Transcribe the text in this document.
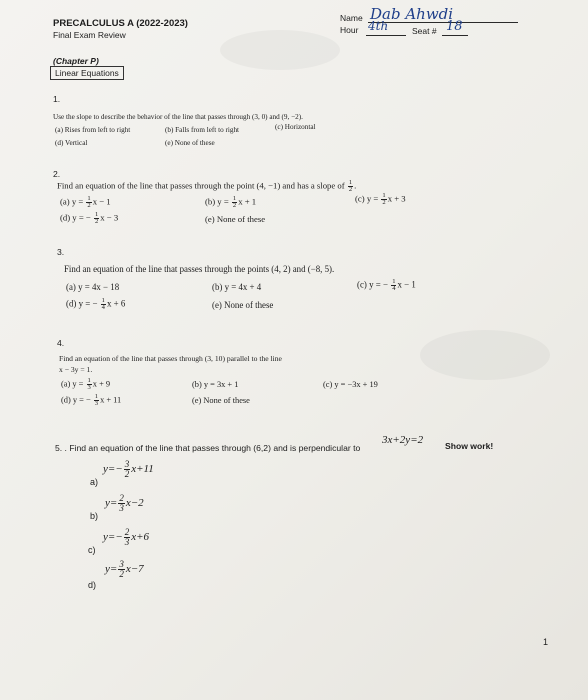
PRECALCULUS A (2022-2023)
Final Exam Review
Name Dab Ahwdi
Hour 4th	Seat # 18
(Chapter P)
Linear Equations
1.
Use the slope to describe the behavior of the line that passes through (3, 0) and (9, −2).
(a) Rises from left to right	(b) Falls from left to right	(c) Horizontal
(d) Vertical	(e) None of these
2.
Find an equation of the line that passes through the point (4, −1) and has a slope of $\frac{1}{2}$ .
(a) $y = \frac{1}{2}$ x − 1	(b) $y = \frac{1}{2}$ x + 1	(c) $y = \frac{1}{2}$ x + 3
(d) y = − $\frac{1}{2}$ x − 3	(e) None of these
3.
Find an equation of the line that passes through the points (4, 2) and (−8, 5).
(a) y = 4x − 18	(b) y = 4x + 4	(c) y = − $\frac{1}{4}$ x − 1
(d) y = − $\frac{1}{4}$ x + 6	(e) None of these
4.
Find an equation of the line that passes through (3, 10) parallel to the line
x − 3y = 1.
(a) $y = \frac{1}{3}$ x + 9	(b) y = 3x + 1	(c) y = −3x + 19
(d) y = − $\frac{1}{3}$ x + 11	(e) None of these
5. . Find an equation of the line that passes through (6,2) and is perpendicular to
3x+2y=2	Show work!
a)
$y=- \frac{3}{2} x+11$
b)
$y= \frac{2}{3} x-2$
c)
$y=- \frac{2}{3} x+6$
d)
$y= \frac{3}{2} x-7$
1
